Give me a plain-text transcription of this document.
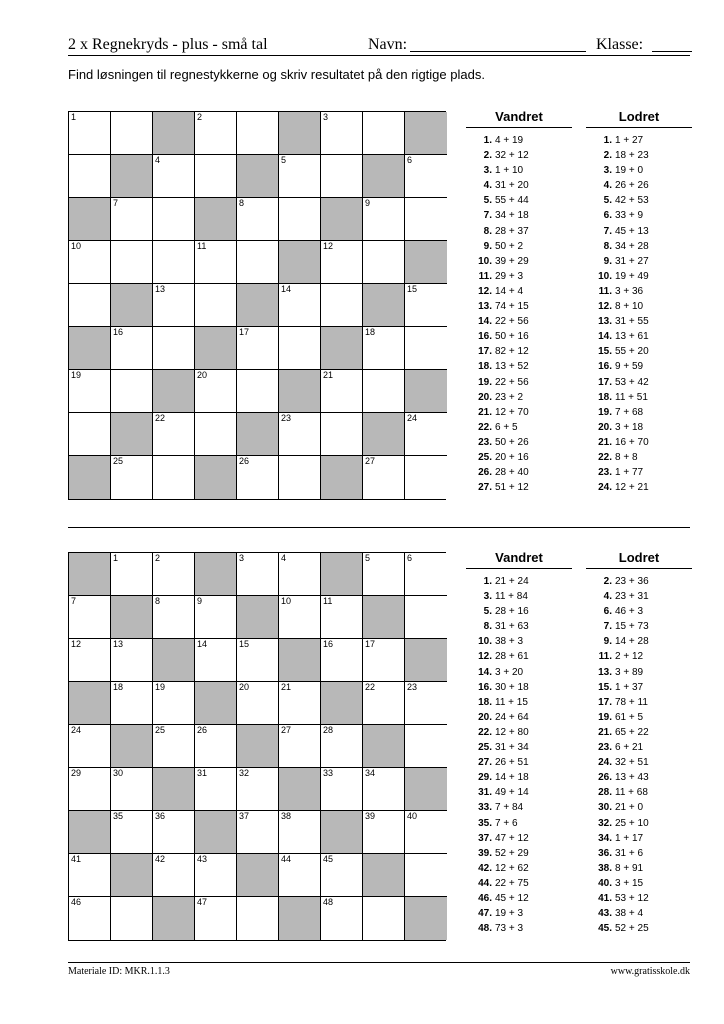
2 x Regnekryds - plus - små tal	Navn:	Klasse:
Find løsningen til regnestykkerne og skriv resultatet på den rigtige plads.
1	2	3
4	5	6
7	8	9
10	11	12
13	14	15
16	17	18
19	20	21
22	23	24
25	26	27
Vandret
1. 4 + 19
2. 32 + 12
3. 1 + 10
4. 31 + 20
5. 55 + 44
7. 34 + 18
8. 28 + 37
9. 50 + 2
10. 39 + 29
11. 29 + 3
12. 14 + 4
13. 74 + 15
14. 22 + 56
16. 50 + 16
17. 82 + 12
18. 13 + 52
19. 22 + 56
20. 23 + 2
21. 12 + 70
22. 6 + 5
23. 50 + 26
25. 20 + 16
26. 28 + 40
27. 51 + 12
Lodret
1. 1 + 27
2. 18 + 23
3. 19 + 0
4. 26 + 26
5. 42 + 53
6. 33 + 9
7. 45 + 13
8. 34 + 28
9. 31 + 27
10. 19 + 49
11. 3 + 36
12. 8 + 10
13. 31 + 55
14. 13 + 61
15. 55 + 20
16. 9 + 59
17. 53 + 42
18. 11 + 51
19. 7 + 68
20. 3 + 18
21. 16 + 70
22. 8 + 8
23. 1 + 77
24. 12 + 21
1	2	3	4	5	6
7	8	9	10	11
12	13	14	15	16	17
18	19	20	21	22	23
24	25	26	27	28
29	30	31	32	33	34
35	36	37	38	39	40
41	42	43	44	45
46	47	48
Vandret
1. 21 + 24
3. 11 + 84
5. 28 + 16
8. 31 + 63
10. 38 + 3
12. 28 + 61
14. 3 + 20
16. 30 + 18
18. 11 + 15
20. 24 + 64
22. 12 + 80
25. 31 + 34
27. 26 + 51
29. 14 + 18
31. 49 + 14
33. 7 + 84
35. 7 + 6
37. 47 + 12
39. 52 + 29
42. 12 + 62
44. 22 + 75
46. 45 + 12
47. 19 + 3
48. 73 + 3
Lodret
2. 23 + 36
4. 23 + 31
6. 46 + 3
7. 15 + 73
9. 14 + 28
11. 2 + 12
13. 3 + 89
15. 1 + 37
17. 78 + 11
19. 61 + 5
21. 65 + 22
23. 6 + 21
24. 32 + 51
26. 13 + 43
28. 11 + 68
30. 21 + 0
32. 25 + 10
34. 1 + 17
36. 31 + 6
38. 8 + 91
40. 3 + 15
41. 53 + 12
43. 38 + 4
45. 52 + 25
Materiale ID: MKR.1.1.3	www.gratisskole.dk
